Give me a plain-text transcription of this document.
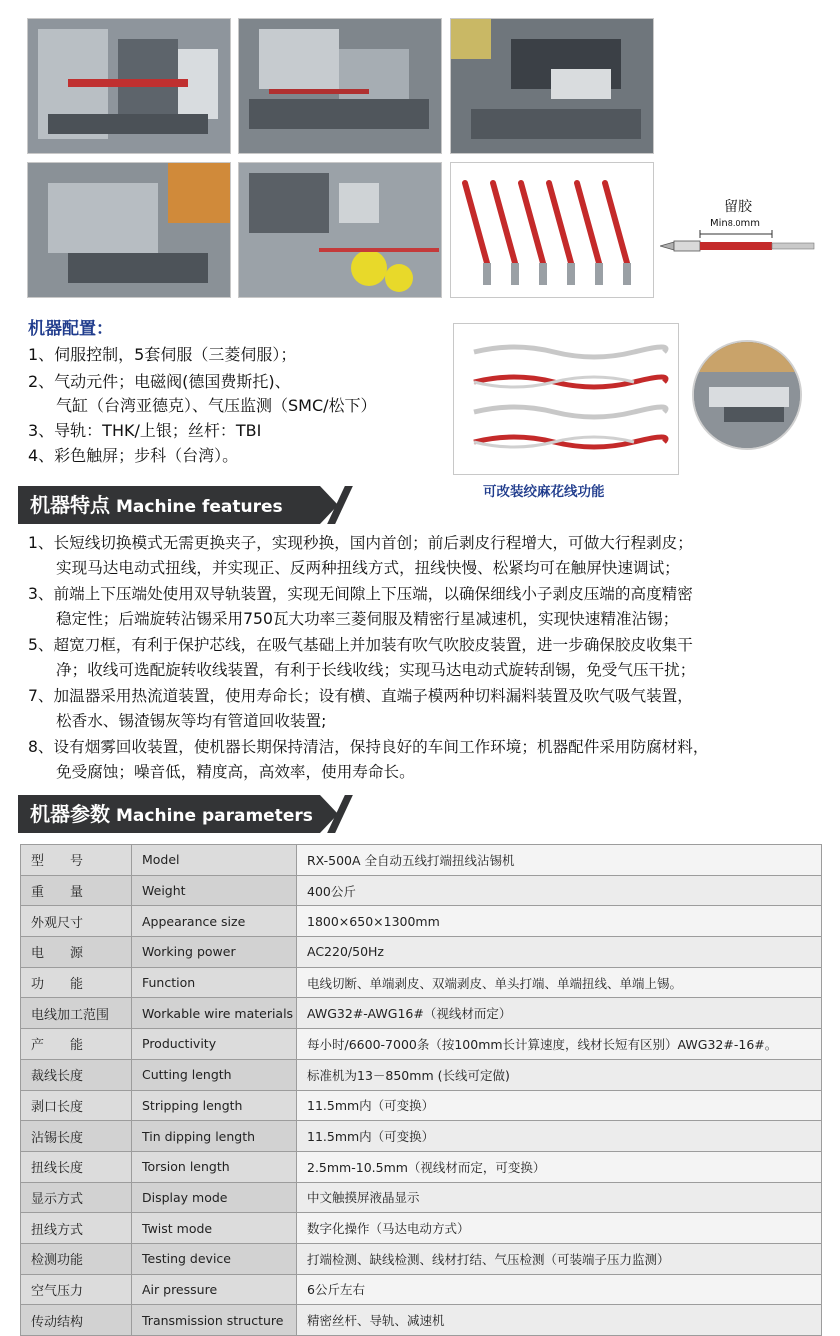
留胶
Min8.0mm
机器配置：
1、伺服控制，5套伺服（三菱伺服）；
2、气动元件；电磁阀(德国费斯托)、
气缸（台湾亚德克）、气压监测（SMC/松下）
3、导轨：THK/上银；丝杆：TBI
4、彩色触屏；步科（台湾）。
可改装绞麻花线功能
机器特点 Machine features
1、长短线切换模式无需更换夹子，实现秒换，国内首创；前后剥皮行程增大，可做大行程剥皮；
实现马达电动式扭线，并实现正、反两种扭线方式，扭线快慢、松紧均可在触屏快速调试；
3、前端上下压端处使用双导轨装置，实现无间隙上下压端，以确保细线小子剥皮压端的高度精密
稳定性；后端旋转沾锡采用750瓦大功率三菱伺服及精密行星减速机，实现快速精准沾锡；
5、超宽刀框，有利于保护芯线，在吸气基础上并加装有吹气吹胶皮装置，进一步确保胶皮收集干
净；收线可选配旋转收线装置，有利于长线收线；实现马达电动式旋转刮锡，免受气压干扰；
7、加温器采用热流道装置，使用寿命长；设有横、直端子模两种切料漏料装置及吹气吸气装置，
松香水、锡渣锡灰等均有管道回收装置;
8、设有烟雾回收装置，使机器长期保持清洁，保持良好的车间工作环境；机器配件采用防腐材料，
免受腐蚀；噪音低，精度高，高效率，使用寿命长。
机器参数 Machine parameters
型　　号	Model	RX-500A 全自动五线打端扭线沾锡机
重　　量	Weight	400公斤
外观尺寸	Appearance size	1800×650×1300mm
电　　源	Working power	AC220/50Hz
功　　能	Function	电线切断、单端剥皮、双端剥皮、单头打端、单端扭线、单端上锡。
电线加工范围	Workable wire materials	AWG32#-AWG16#（视线材而定）
产　　能	Productivity	每小时/6600-7000条（按100mm长计算速度，线材长短有区别）AWG32#-16#。
裁线长度	Cutting length	标准机为13－850mm (长线可定做)
剥口长度	Stripping length	11.5mm内（可变换）
沾锡长度	Tin dipping length	11.5mm内（可变换）
扭线长度	Torsion length	2.5mm-10.5mm（视线材而定，可变换）
显示方式	Display mode	中文触摸屏液晶显示
扭线方式	Twist mode	数字化操作（马达电动方式）
检测功能	Testing device	打端检测、缺线检测、线材打结、气压检测（可装端子压力监测）
空气压力	Air pressure	6公斤左右
传动结构	Transmission structure	精密丝杆、导轨、减速机
